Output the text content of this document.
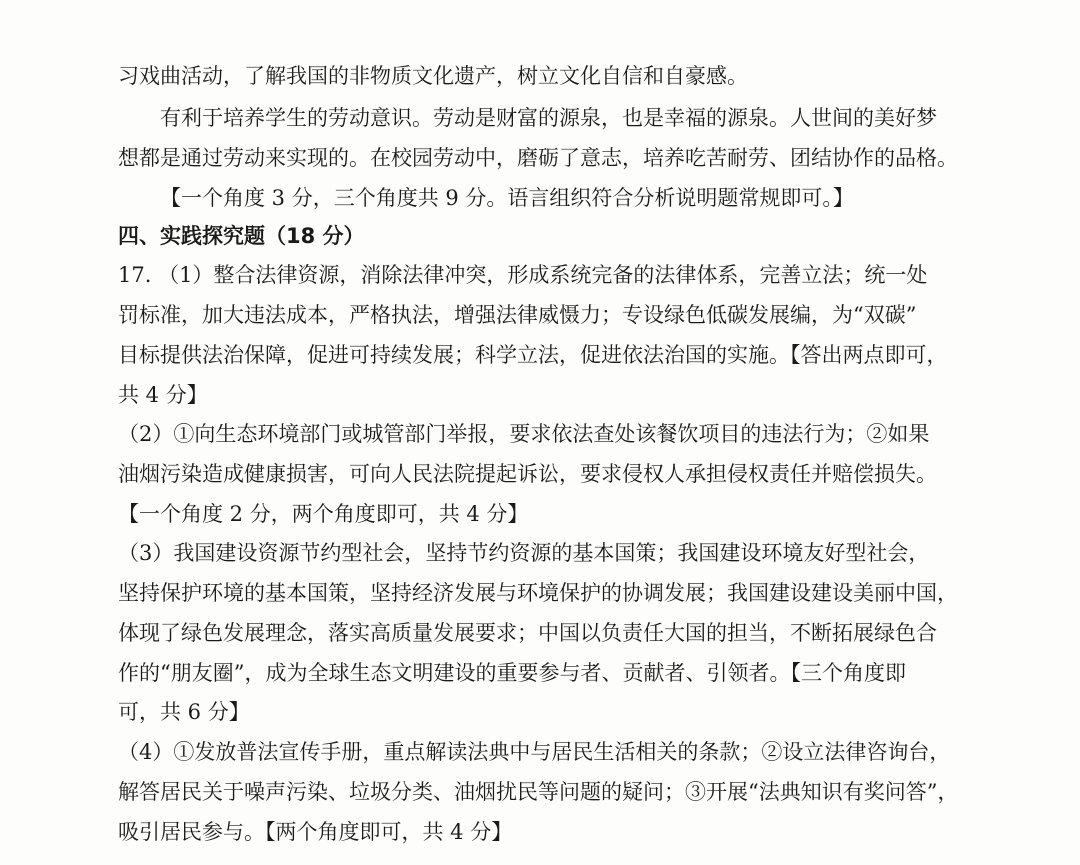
习戏曲活动，了解我国的非物质文化遗产，树立文化自信和自豪感。
有利于培养学生的劳动意识。劳动是财富的源泉，也是幸福的源泉。人世间的美好梦
想都是通过劳动来实现的。在校园劳动中，磨砺了意志，培养吃苦耐劳、团结协作的品格。
【一个角度 3 分，三个角度共 9 分。语言组织符合分析说明题常规即可。】
四、实践探究题（18 分）
17. （1）整合法律资源，消除法律冲突，形成系统完备的法律体系，完善立法；统一处
罚标准，加大违法成本，严格执法，增强法律威慑力；专设绿色低碳发展编，为“双碳”
目标提供法治保障，促进可持续发展；科学立法，促进依法治国的实施。【答出两点即可，
共 4 分】
（2）①向生态环境部门或城管部门举报，要求依法查处该餐饮项目的违法行为；②如果
油烟污染造成健康损害，可向人民法院提起诉讼，要求侵权人承担侵权责任并赔偿损失。
【一个角度 2 分，两个角度即可，共 4 分】
（3）我国建设资源节约型社会，坚持节约资源的基本国策；我国建设环境友好型社会，
坚持保护环境的基本国策，坚持经济发展与环境保护的协调发展；我国建设建设美丽中国，
体现了绿色发展理念，落实高质量发展要求；中国以负责任大国的担当，不断拓展绿色合
作的“朋友圈”，成为全球生态文明建设的重要参与者、贡献者、引领者。【三个角度即
可，共 6 分】
（4）①发放普法宣传手册，重点解读法典中与居民生活相关的条款；②设立法律咨询台，
解答居民关于噪声污染、垃圾分类、油烟扰民等问题的疑问；③开展“法典知识有奖问答”，
吸引居民参与。【两个角度即可，共 4 分】
